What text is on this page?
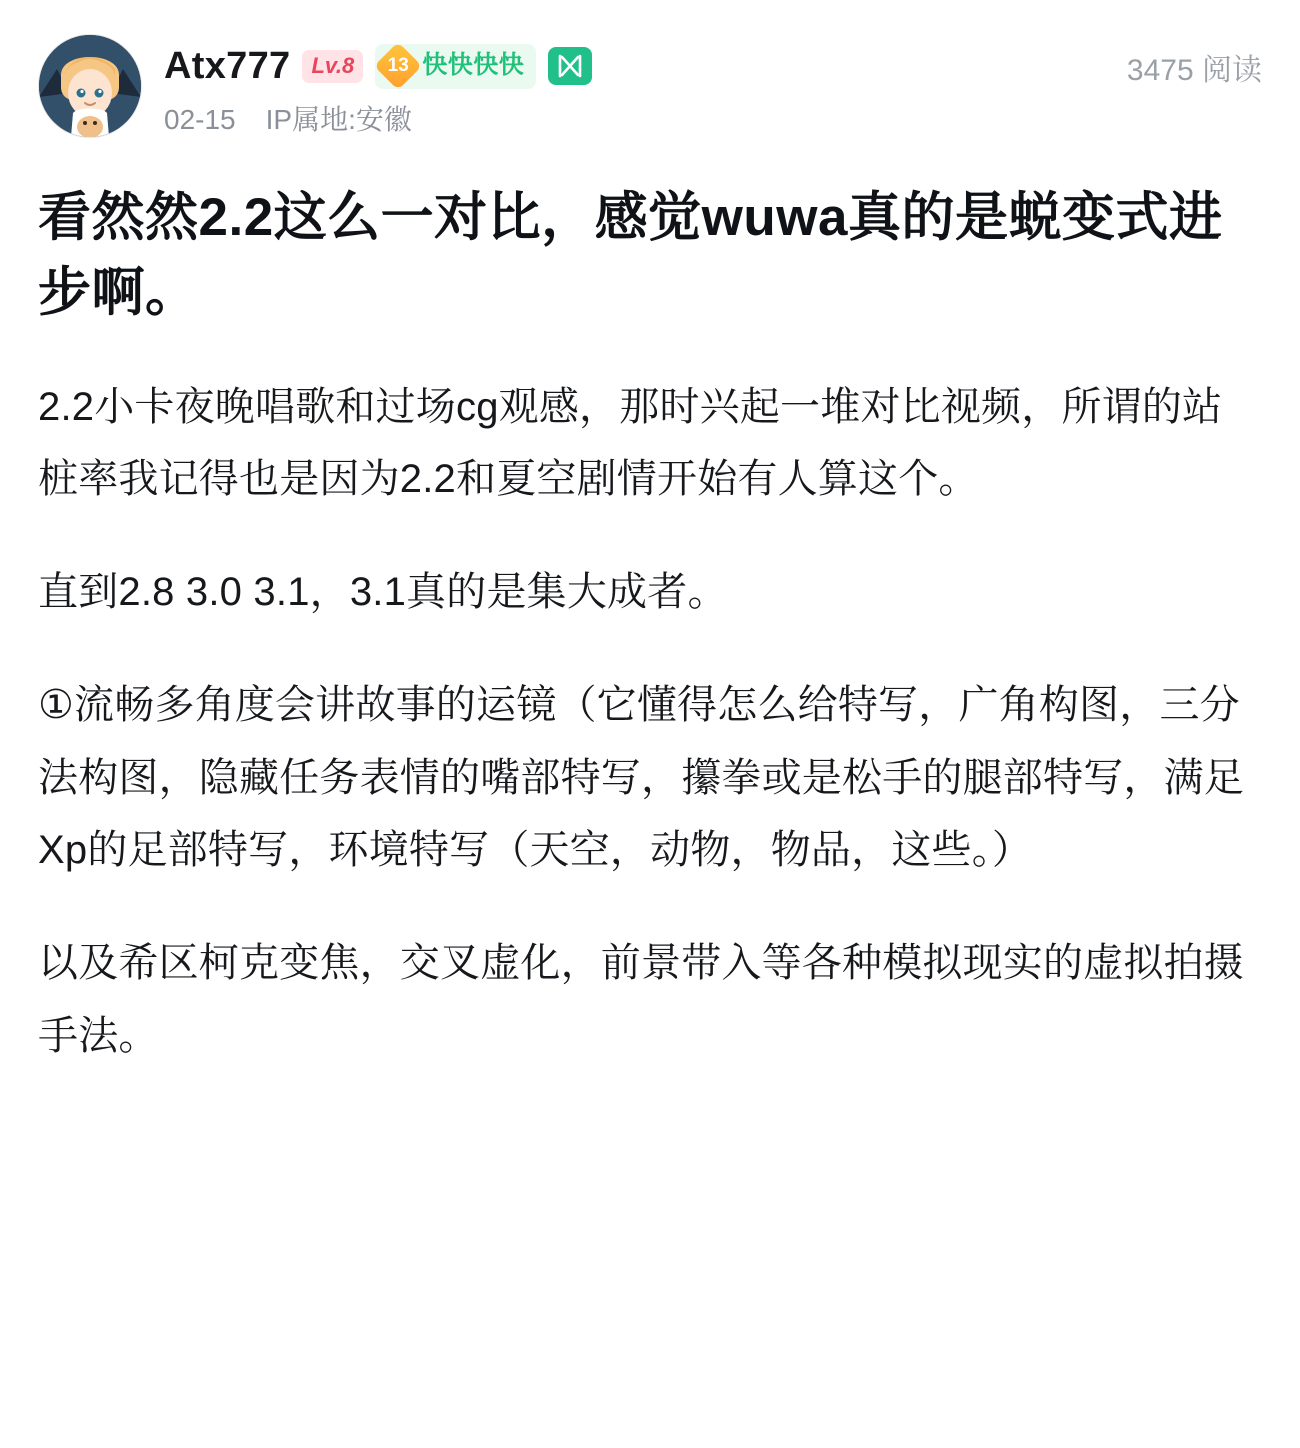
Atx777 Lv.8	13 快快快快
02-15 IP属地:安徽
3475 阅读
看然然2.2这么一对比，感觉wuwa真的是蜕变式进步啊。

2.2小卡夜晚唱歌和过场cg观感，那时兴起一堆对比视频，所谓的站桩率我记得也是因为2.2和夏空剧情开始有人算这个。

直到2.8 3.0 3.1，3.1真的是集大成者。

①流畅多角度会讲故事的运镜（它懂得怎么给特写，广角构图，三分法构图，隐藏任务表情的嘴部特写，攥拳或是松手的腿部特写，满足Xp的足部特写，环境特写（天空，动物，物品，这些。）

以及希区柯克变焦，交叉虚化，前景带入等各种模拟现实的虚拟拍摄手法。
